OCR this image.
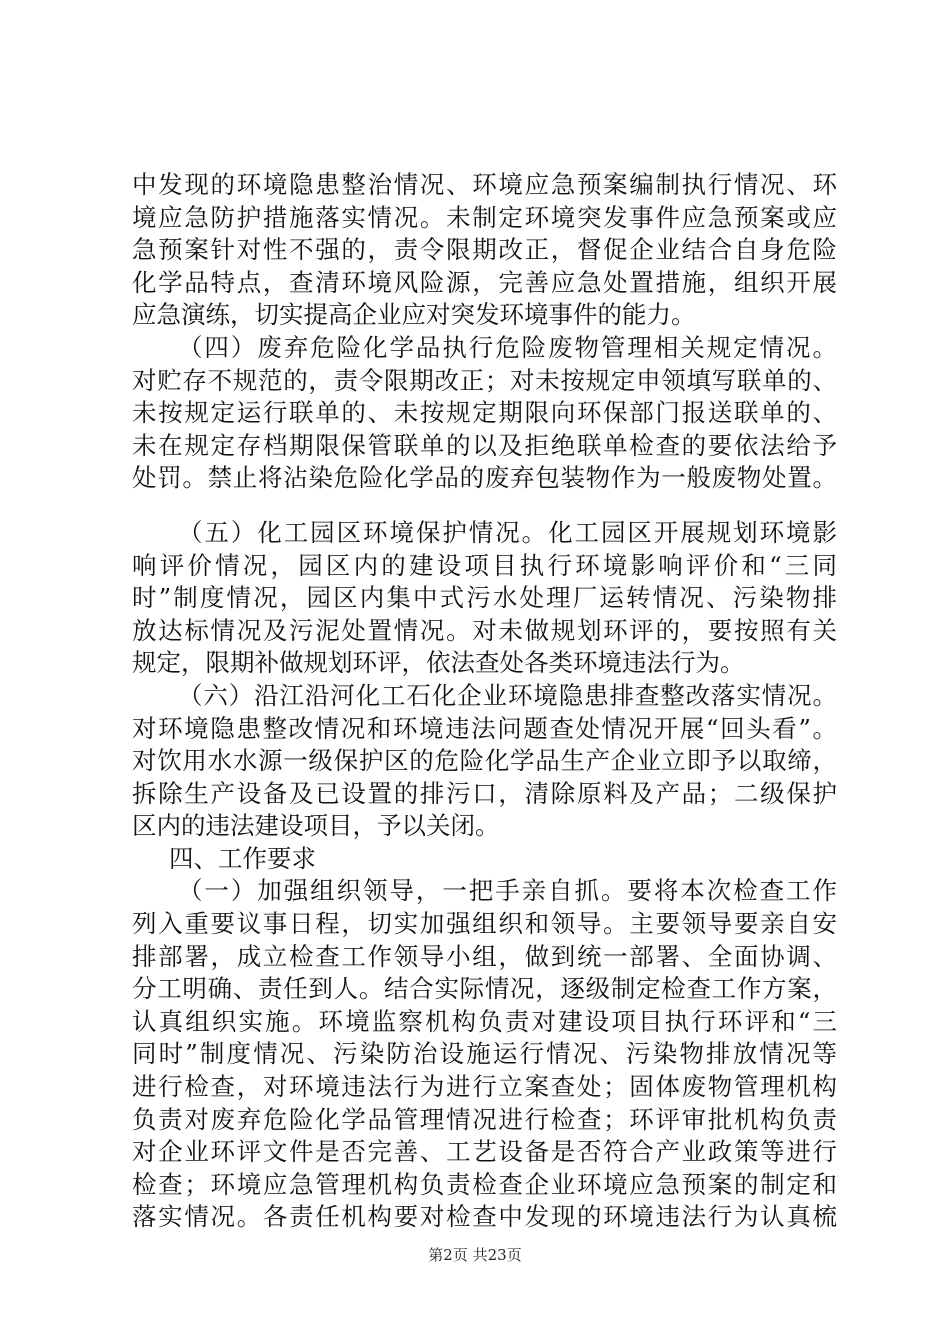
中发现的环境隐患整治情况、环境应急预案编制执行情况、环
境应急防护措施落实情况。未制定环境突发事件应急预案或应
急预案针对性不强的，责令限期改正，督促企业结合自身危险
化学品特点，查清环境风险源，完善应急处置措施，组织开展
应急演练，切实提高企业应对突发环境事件的能力。
（四）废弃危险化学品执行危险废物管理相关规定情况。
对贮存不规范的，责令限期改正；对未按规定申领填写联单的、
未按规定运行联单的、未按规定期限向环保部门报送联单的、
未在规定存档期限保管联单的以及拒绝联单检查的要依法给予
处罚。禁止将沾染危险化学品的废弃包装物作为一般废物处置。
（五）化工园区环境保护情况。化工园区开展规划环境影
响评价情况，园区内的建设项目执行环境影响评价和“三同
时”制度情况，园区内集中式污水处理厂运转情况、污染物排
放达标情况及污泥处置情况。对未做规划环评的，要按照有关
规定，限期补做规划环评，依法查处各类环境违法行为。
（六）沿江沿河化工石化企业环境隐患排查整改落实情况。
对环境隐患整改情况和环境违法问题查处情况开展“回头看”。
对饮用水水源一级保护区的危险化学品生产企业立即予以取缔，
拆除生产设备及已设置的排污口，清除原料及产品；二级保护
区内的违法建设项目，予以关闭。
四、工作要求
（一）加强组织领导，一把手亲自抓。要将本次检查工作
列入重要议事日程，切实加强组织和领导。主要领导要亲自安
排部署，成立检查工作领导小组，做到统一部署、全面协调、
分工明确、责任到人。结合实际情况，逐级制定检查工作方案，
认真组织实施。环境监察机构负责对建设项目执行环评和“三
同时”制度情况、污染防治设施运行情况、污染物排放情况等
进行检查，对环境违法行为进行立案查处；固体废物管理机构
负责对废弃危险化学品管理情况进行检查；环评审批机构负责
对企业环评文件是否完善、工艺设备是否符合产业政策等进行
检查；环境应急管理机构负责检查企业环境应急预案的制定和
落实情况。各责任机构要对检查中发现的环境违法行为认真梳
第2页 共23页
